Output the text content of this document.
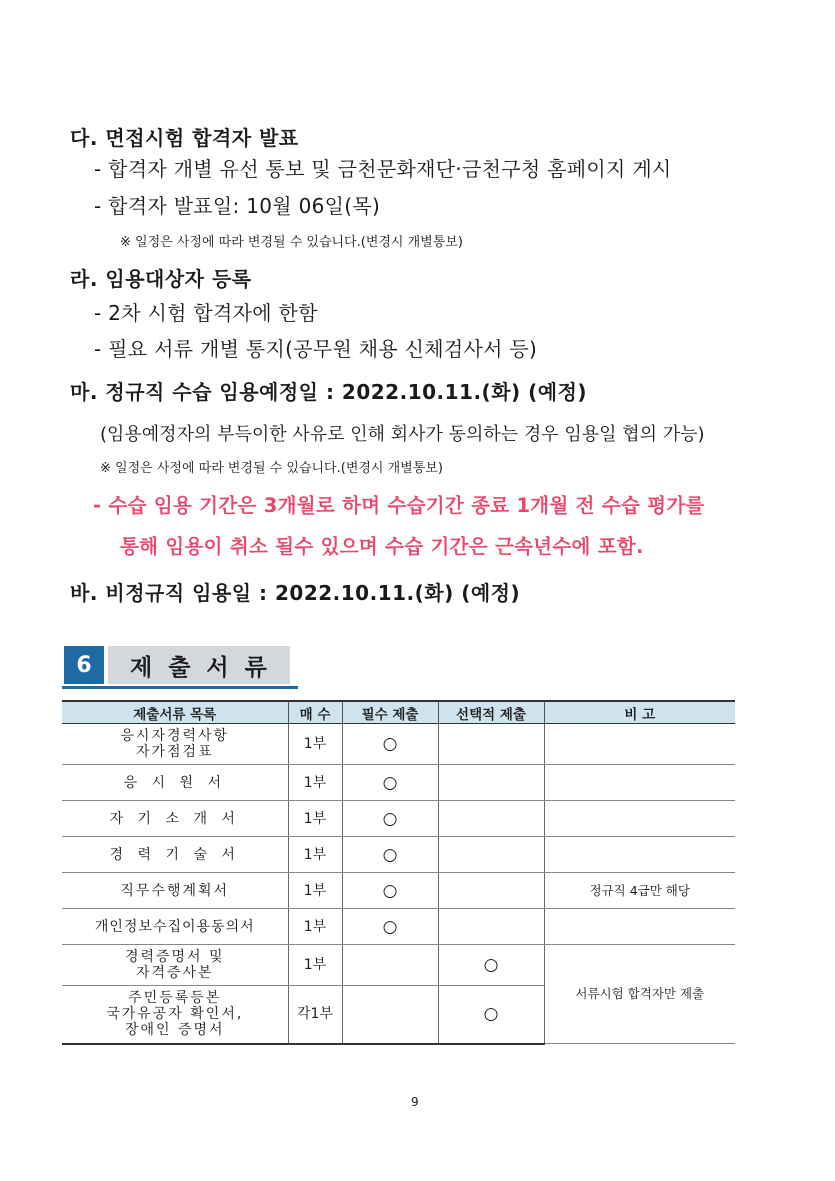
다. 면접시험 합격자 발표
- 합격자 개별 유선 통보 및 금천문화재단·금천구청 홈페이지 게시
- 합격자 발표일: 10월 06일(목)
※ 일정은 사정에 따라 변경될 수 있습니다.(변경시 개별통보)
라. 임용대상자 등록
- 2차 시험 합격자에 한함
- 필요 서류 개별 통지(공무원 채용 신체검사서 등)
마. 정규직 수습 임용예정일 : 2022.10.11.(화) (예정)
(임용예정자의 부득이한 사유로 인해 회사가 동의하는 경우 임용일 협의 가능)
※ 일정은 사정에 따라 변경될 수 있습니다.(변경시 개별통보)
- 수습 임용 기간은 3개월로 하며 수습기간 종료 1개월 전 수습 평가를
통해 임용이 취소 될수 있으며 수습 기간은 근속년수에 포함.
바. 비정규직 임용일 : 2022.10.11.(화) (예정)
6	제출서류
제출서류 목록	매 수	필수 제출	선택적 제출	비 고

응시자경력사항
자가점검표	1부	○		
응 시 원 서	1부	○		
자 기 소 개 서	1부	○		
경 력 기 술 서	1부	○		
직무수행계획서	1부	○		정규직 4급만 해당
개인정보수집이용동의서	1부	○		

경력증명서 및
자격증사본	1부		○	서류시험 합격자만 제출

주민등록등본
국가유공자 확인서,
장애인 증명서	각1부		○	
9
